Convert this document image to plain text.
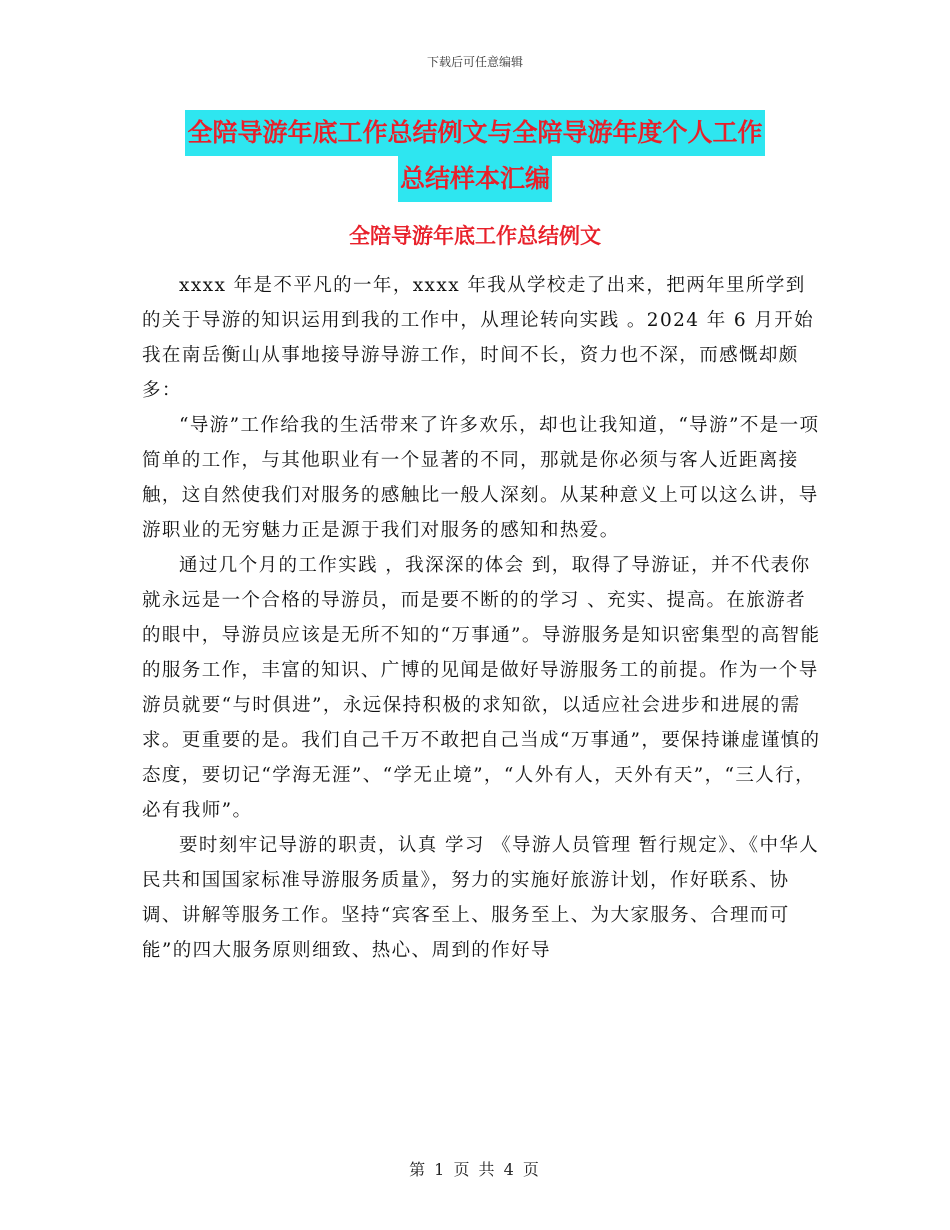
下载后可任意编辑
全陪导游年底工作总结例文与全陪导游年度个人工作
总结样本汇编
全陪导游年底工作总结例文

xxxx 年是不平凡的一年，xxxx 年我从学校走了出来，把两年里所学到的关于导游的知识运用到我的工作中，从理论转向实践 。2024 年 6 月开始我在南岳衡山从事地接导游导游工作，时间不长，资力也不深，而感慨却颇多：

“导游”工作给我的生活带来了许多欢乐，却也让我知道，“导游”不是一项简单的工作，与其他职业有一个显著的不同，那就是你必须与客人近距离接触，这自然使我们对服务的感触比一般人深刻。从某种意义上可以这么讲，导游职业的无穷魅力正是源于我们对服务的感知和热爱。

通过几个月的工作实践 ，我深深的体会 到，取得了导游证，并不代表你就永远是一个合格的导游员，而是要不断的的学习 、充实、提高。在旅游者的眼中，导游员应该是无所不知的“万事通”。导游服务是知识密集型的高智能的服务工作，丰富的知识、广博的见闻是做好导游服务工的前提。作为一个导游员就要“与时俱进”，永远保持积极的求知欲，以适应社会进步和进展的需求。更重要的是。我们自己千万不敢把自己当成“万事通”，要保持谦虚谨慎的态度，要切记“学海无涯”、“学无止境”，“人外有人，天外有天”，“三人行，必有我师”。

要时刻牢记导游的职责，认真 学习 《导游人员管理 暂行规定》、《中华人民共和国国家标准导游服务质量》，努力的实施好旅游计划，作好联系、协调、讲解等服务工作。坚持“宾客至上、服务至上、为大家服务、合理而可能”的四大服务原则细致、热心、周到的作好导

第 1 页 共 4 页
